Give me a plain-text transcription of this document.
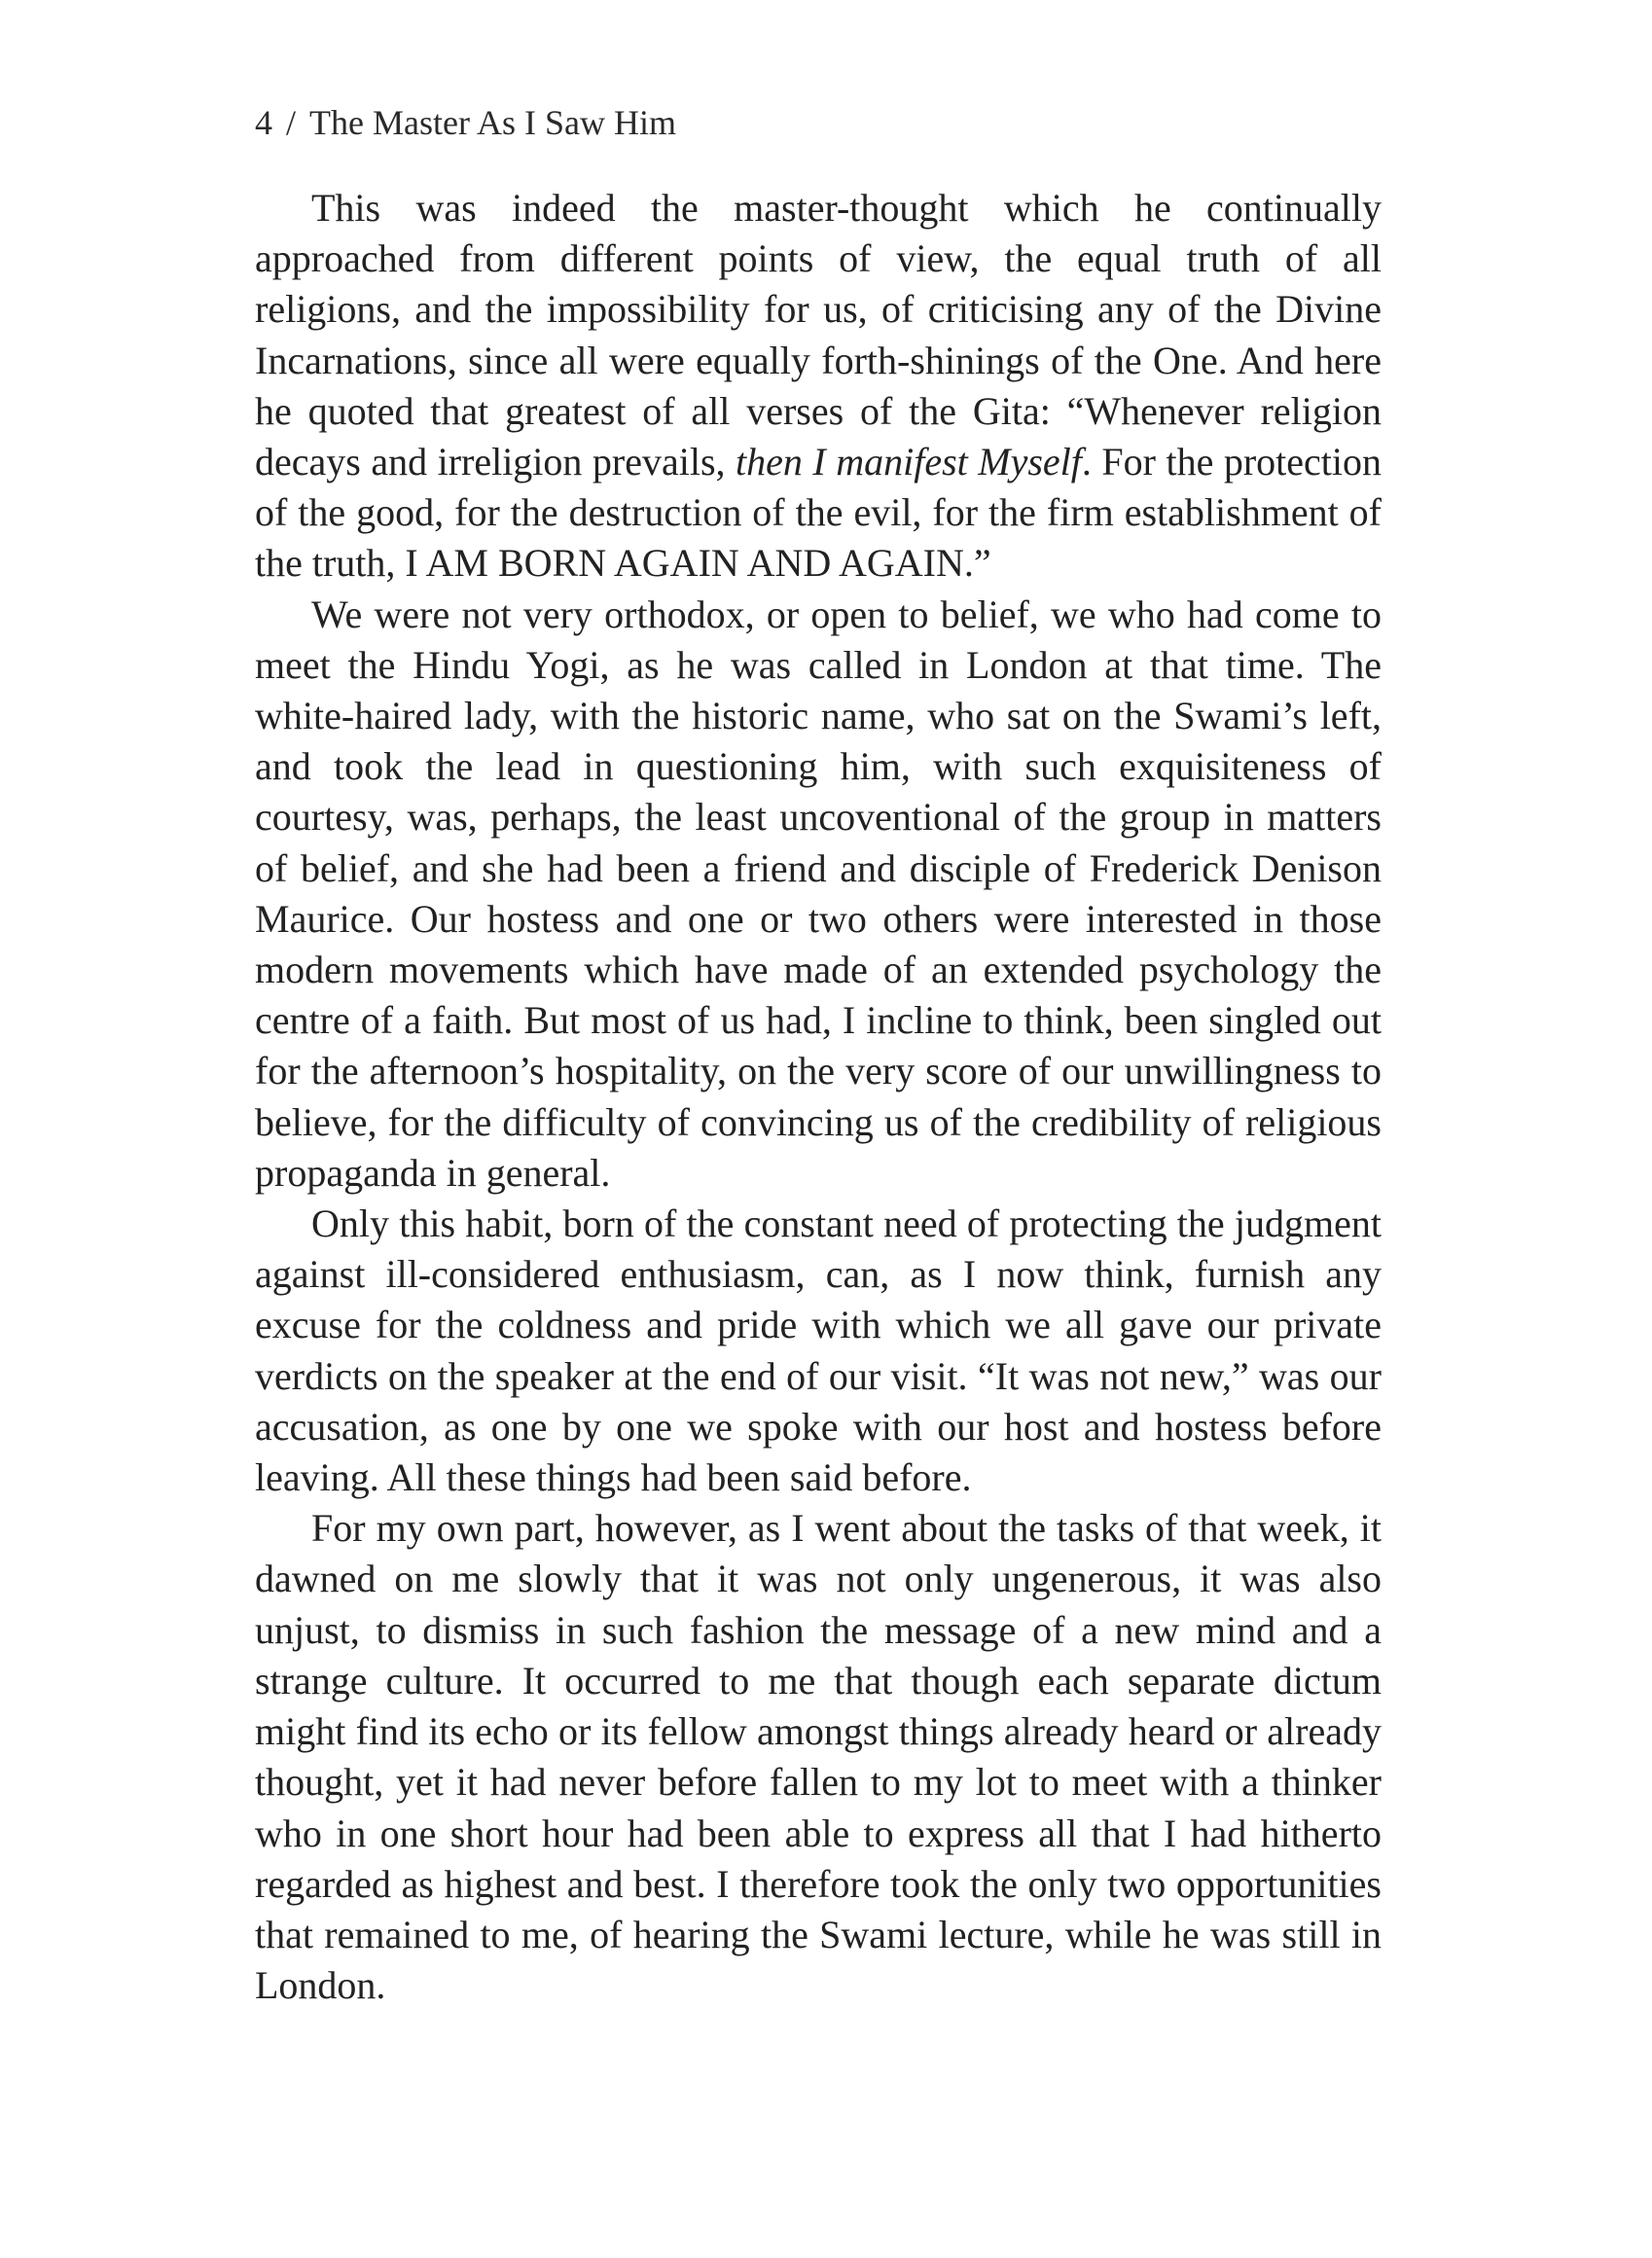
4 / The Master As I Saw Him

This was indeed the master-thought which he continually approached from different points of view, the equal truth of all religions, and the impossibility for us, of criticising any of the Divine Incarnations, since all were equally forth-shinings of the One. And here he quoted that greatest of all verses of the Gita: “Whenever religion decays and irreligion prevails, then I manifest Myself. For the protection of the good, for the destruction of the evil, for the firm establishment of the truth, I AM BORN AGAIN AND AGAIN.”

We were not very orthodox, or open to belief, we who had come to meet the Hindu Yogi, as he was called in London at that time. The white-haired lady, with the historic name, who sat on the Swami’s left, and took the lead in questioning him, with such exquisiteness of courtesy, was, perhaps, the least uncoventional of the group in matters of belief, and she had been a friend and disciple of Frederick Denison Maurice. Our hostess and one or two others were interested in those modern movements which have made of an extended psychology the centre of a faith. But most of us had, I incline to think, been singled out for the afternoon’s hospitality, on the very score of our unwillingness to believe, for the difficulty of convincing us of the credibility of religious propaganda in general.

Only this habit, born of the constant need of protecting the judgment against ill-considered enthusiasm, can, as I now think, furnish any excuse for the coldness and pride with which we all gave our private verdicts on the speaker at the end of our visit. “It was not new,” was our accusation, as one by one we spoke with our host and hostess before leaving. All these things had been said before.

For my own part, however, as I went about the tasks of that week, it dawned on me slowly that it was not only ungenerous, it was also unjust, to dismiss in such fashion the message of a new mind and a strange culture. It occurred to me that though each separate dictum might find its echo or its fellow amongst things already heard or already thought, yet it had never before fallen to my lot to meet with a thinker who in one short hour had been able to express all that I had hitherto regarded as highest and best. I therefore took the only two opportunities that remained to me, of hearing the Swami lecture, while he was still in London.
